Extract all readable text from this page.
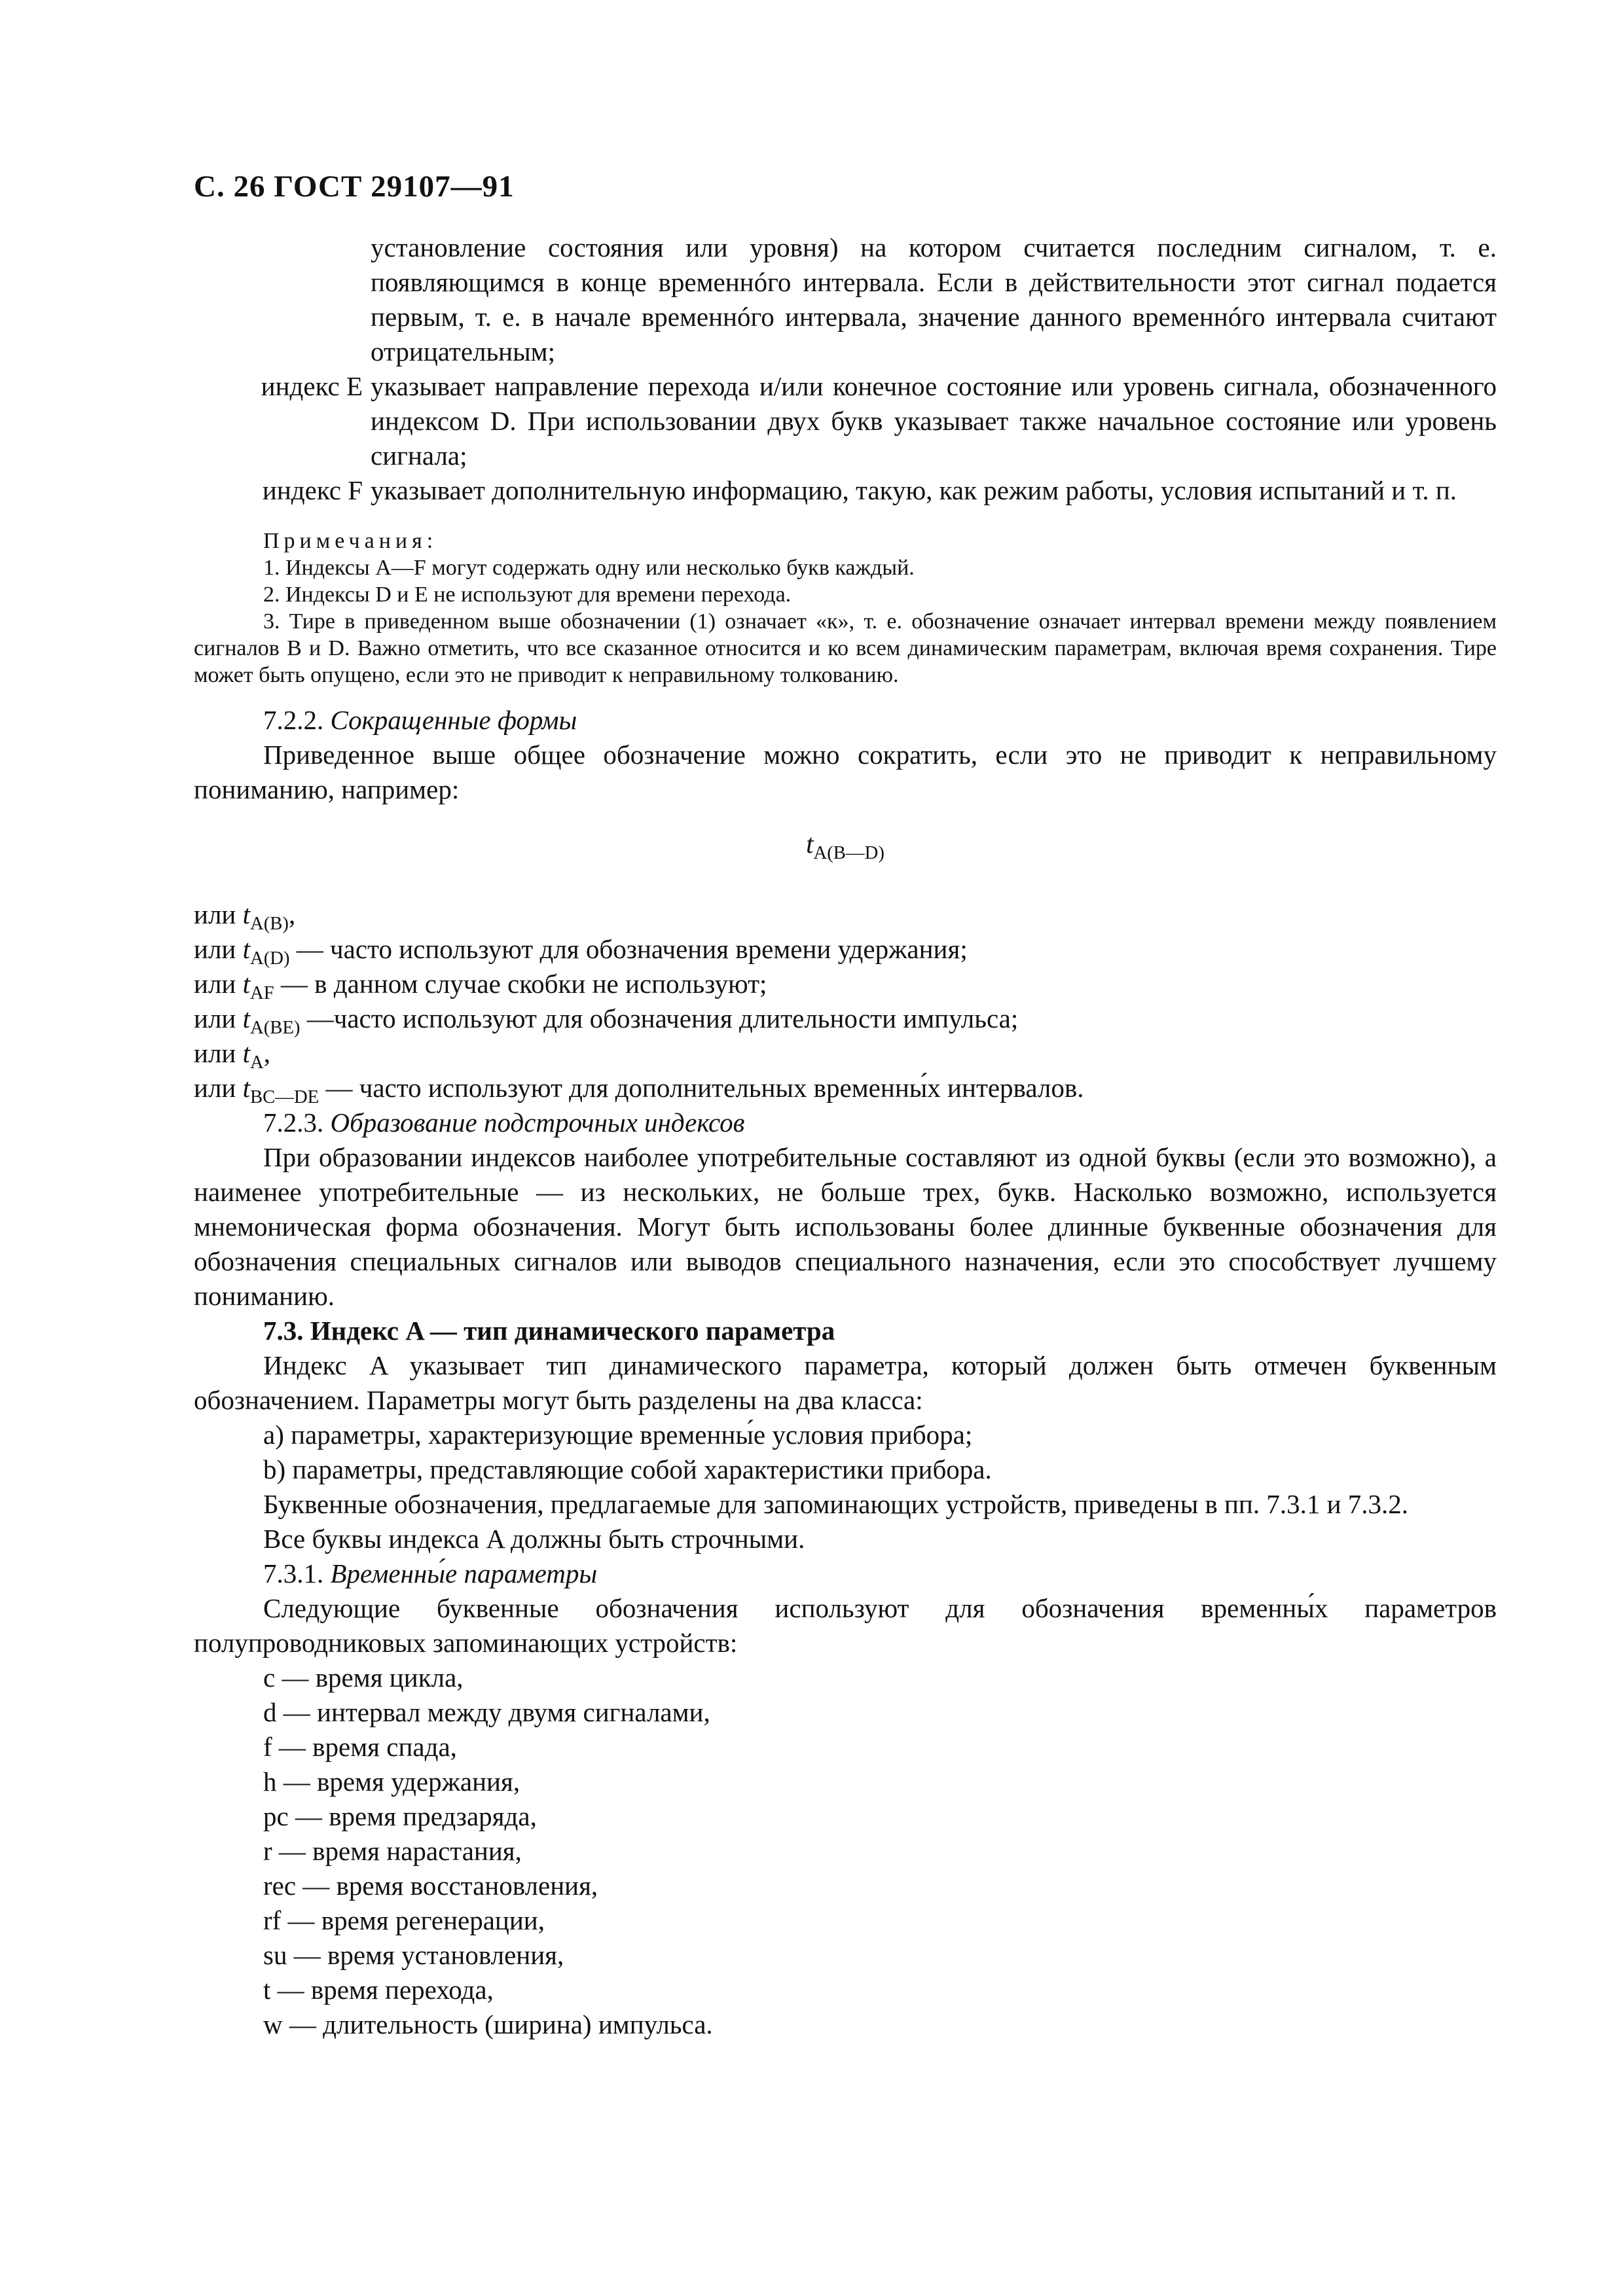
С. 26 ГОСТ 29107—91

установление состояния или уровня) на котором считается последним сигналом, т. е. появляющимся в конце временнóго интервала. Если в действительности этот сигнал подается первым, т. е. в начале временнóго интервала, значение данного временнóго интервала считают отрицательным;

индекс E указывает направление перехода и/или конечное состояние или уровень сигнала, обозначенного индексом D. При использовании двух букв указывает также начальное состояние или уровень сигнала;
индекс F указывает дополнительную информацию, такую, как режим работы, условия испытаний и т. п.

Примечания:

1. Индексы A—F могут содержать одну или несколько букв каждый.

2. Индексы D и E не используют для времени перехода.

3. Тире в приведенном выше обозначении (1) означает «к», т. е. обозначение означает интервал времени между появлением сигналов B и D. Важно отметить, что все сказанное относится и ко всем динамическим параметрам, включая время сохранения. Тире может быть опущено, если это не приводит к неправильному толкованию.

7.2.2. Сокращенные формы

Приведенное выше общее обозначение можно сократить, если это не приводит к неправильному пониманию, например:

$t_{A(B—D)}$

или $t_{A(B)}$,

или $t_{A(D)}$ — часто используют для обозначения времени удержания;

или $t_{AF}$ — в данном случае скобки не используют;

или $t_{A(BE)}$ —часто используют для обозначения длительности импульса;

или $t_A$,

или $t_{BC—DE}$ — часто используют для дополнительных временны́х интервалов.

7.2.3. Образование подстрочных индексов

При образовании индексов наиболее употребительные составляют из одной буквы (если это возможно), а наименее употребительные — из нескольких, не больше трех, букв. Насколько возможно, используется мнемоническая форма обозначения. Могут быть использованы более длинные буквенные обозначения для обозначения специальных сигналов или выводов специального назначения, если это способствует лучшему пониманию.

7.3. Индекс A — тип динамического параметра

Индекс A указывает тип динамического параметра, который должен быть отмечен буквенным обозначением. Параметры могут быть разделены на два класса:

a) параметры, характеризующие временны́е условия прибора;

b) параметры, представляющие собой характеристики прибора.

Буквенные обозначения, предлагаемые для запоминающих устройств, приведены в пп. 7.3.1 и 7.3.2.

Все буквы индекса A должны быть строчными.

7.3.1. Временны́е параметры

Следующие буквенные обозначения используют для обозначения временны́х параметров полупроводниковых запоминающих устройств:

c — время цикла,

d — интервал между двумя сигналами,

f — время спада,

h — время удержания,

pc — время предзаряда,

r — время нарастания,

rec — время восстановления,

rf — время регенерации,

su — время установления,

t — время перехода,

w — длительность (ширина) импульса.
